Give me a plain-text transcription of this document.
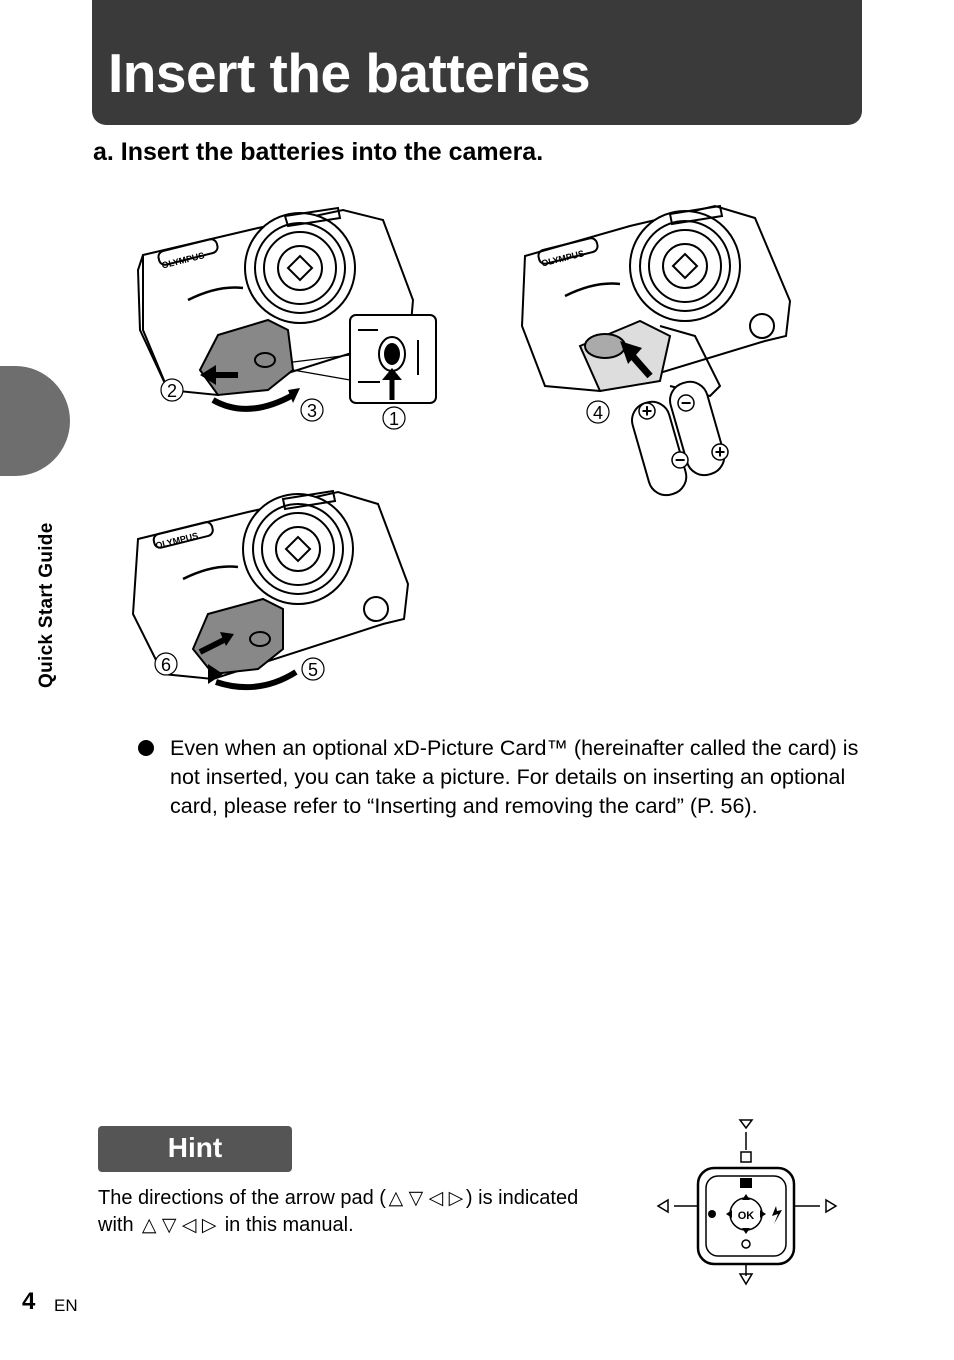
Insert the batteries
a. Insert the batteries into the camera.
Quick Start Guide
OLYMPUS
2
3	1
OLYMPUS
+
−
−
+
4
OLYMPUS
6	5
Even when an optional xD-Picture Card™ (hereinafter called the card) is not inserted, you can take a picture. For details on inserting an optional card, please refer to “Inserting and removing the card” (P. 56).
Hint
The directions of the arrow pad ( △ ▽ ◁ ▷ ) is indicated
with △ ▽ ◁ ▷ in this manual.	OK
4 EN
